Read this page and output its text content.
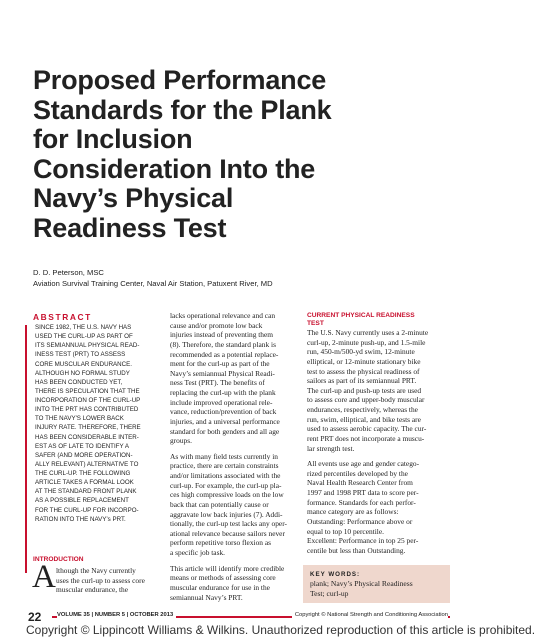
Proposed Performance
Standards for the Plank
for Inclusion
Consideration Into the
Navy’s Physical
Readiness Test
D. D. Peterson, MSC
Aviation Survival Training Center, Naval Air Station, Patuxent River, MD
ABSTRACT
SINCE 1982, THE U.S. NAVY HAS
USED THE CURL-UP AS PART OF
ITS SEMIANNUAL PHYSICAL READ-
INESS TEST (PRT) TO ASSESS
CORE MUSCULAR ENDURANCE.
ALTHOUGH NO FORMAL STUDY
HAS BEEN CONDUCTED YET,
THERE IS SPECULATION THAT THE
INCORPORATION OF THE CURL-UP
INTO THE PRT HAS CONTRIBUTED
TO THE NAVY'S LOWER BACK
INJURY RATE. THEREFORE, THERE
HAS BEEN CONSIDERABLE INTER-
EST AS OF LATE TO IDENTIFY A
SAFER (AND MORE OPERATION-
ALLY RELEVANT) ALTERNATIVE TO
THE CURL-UP. THE FOLLOWING
ARTICLE TAKES A FORMAL LOOK
AT THE STANDARD FRONT PLANK
AS A POSSIBLE REPLACEMENT
FOR THE CURL-UP FOR INCORPO-
RATION INTO THE NAVY’s PRT.
INTRODUCTION
A lthough the Navy currently
uses the curl-up to assess core
muscular endurance, the
lacks operational relevance and can
cause and/or promote low back
injuries instead of preventing them
(8). Therefore, the standard plank is
recommended as a potential replace-
ment for the curl-up as part of the
Navy’s semiannual Physical Readi-
ness Test (PRT). The benefits of
replacing the curl-up with the plank
include improved operational rele-
vance, reduction/prevention of back
injuries, and a universal performance
standard for both genders and all age
groups.
As with many field tests currently in
practice, there are certain constraints
and/or limitations associated with the
curl-up. For example, the curl-up pla-
ces high compressive loads on the low
back that can potentially cause or
aggravate low back injuries (7). Addi-
tionally, the curl-up test lacks any oper-
ational relevance because sailors never
perform repetitive torso flexion as
a specific job task.
This article will identify more credible
means or methods of assessing core
muscular endurance for use in the
semiannual Navy’s PRT.
CURRENT PHYSICAL READINESS
TEST
The U.S. Navy currently uses a 2-minute
curl-up, 2-minute push-up, and 1.5-mile
run, 450-m/500-yd swim, 12-minute
elliptical, or 12-minute stationary bike
test to assess the physical readiness of
sailors as part of its semiannual PRT.
The curl-up and push-up tests are used
to assess core and upper-body muscular
endurances, respectively, whereas the
run, swim, elliptical, and bike tests are
used to assess aerobic capacity. The cur-
rent PRT does not incorporate a muscu-
lar strength test.
All events use age and gender catego-
rized percentiles developed by the
Naval Health Research Center from
1997 and 1998 PRT data to score per-
formance. Standards for each perfor-
mance category are as follows:
Outstanding: Performance above or
equal to top 10 percentile.
Excellent: Performance in top 25 per-
centile but less than Outstanding.
KEY WORDS:
plank; Navy’s Physical Readiness
Test; curl-up
22	VOLUME 35 | NUMBER 5 | OCTOBER 2013	Copyright © National Strength and Conditioning Association
Copyright © Lippincott Williams & Wilkins. Unauthorized reproduction of this article is prohibited.
